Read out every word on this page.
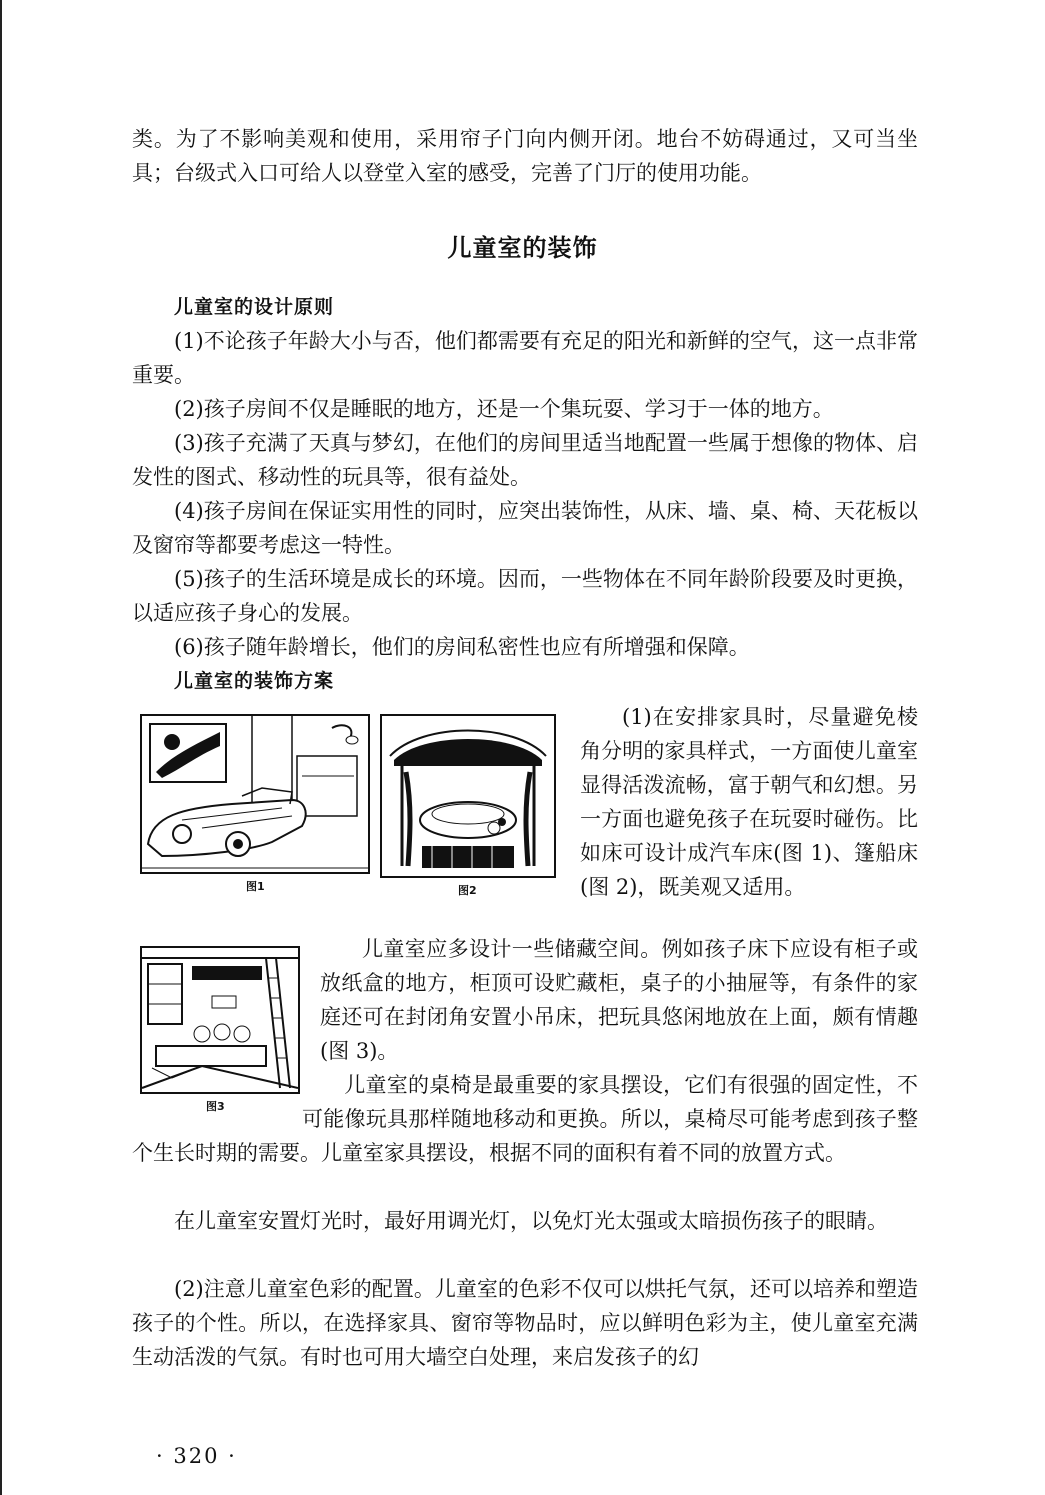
类。为了不影响美观和使用，采用帘子门向内侧开闭。地台不妨碍通过，又可当坐具；台级式入口可给人以登堂入室的感受，完善了门厅的使用功能。

儿童室的装饰
儿童室的设计原则

(1)不论孩子年龄大小与否，他们都需要有充足的阳光和新鲜的空气，这一点非常重要。

(2)孩子房间不仅是睡眠的地方，还是一个集玩耍、学习于一体的地方。

(3)孩子充满了天真与梦幻，在他们的房间里适当地配置一些属于想像的物体、启发性的图式、移动性的玩具等，很有益处。

(4)孩子房间在保证实用性的同时，应突出装饰性，从床、墙、桌、椅、天花板以及窗帘等都要考虑这一特性。

(5)孩子的生活环境是成长的环境。因而，一些物体在不同年龄阶段要及时更换，以适应孩子身心的发展。

(6)孩子随年龄增长，他们的房间私密性也应有所增强和保障。

儿童室的装饰方案
图1	图2

(1)在安排家具时，尽量避免棱角分明的家具样式，一方面使儿童室显得活泼流畅，富于朝气和幻想。另一方面也避免孩子在玩耍时碰伤。比如床可设计成汽车床(图 1)、篷船床(图 2)，既美观又适用。

图3

儿童室应多设计一些储藏空间。例如孩子床下应设有柜子或放纸盒的地方，柜顶可设贮藏柜，桌子的小抽屉等，有条件的家庭还可在封闭角安置小吊床，把玩具悠闲地放在上面，颇有情趣(图 3)。

儿童室的桌椅是最重要的家具摆设，它们有很强的固定性，不可能像玩具那样随地移动和更换。所以，桌椅尽可能考虑到孩子整个生长时期的需要。儿童室家具摆设，根据不同的面积有着不同的放置方式。

在儿童室安置灯光时，最好用调光灯，以免灯光太强或太暗损伤孩子的眼睛。

(2)注意儿童室色彩的配置。儿童室的色彩不仅可以烘托气氛，还可以培养和塑造孩子的个性。所以，在选择家具、窗帘等物品时，应以鲜明色彩为主，使儿童室充满生动活泼的气氛。有时也可用大墙空白处理，来启发孩子的幻

· 320 ·
